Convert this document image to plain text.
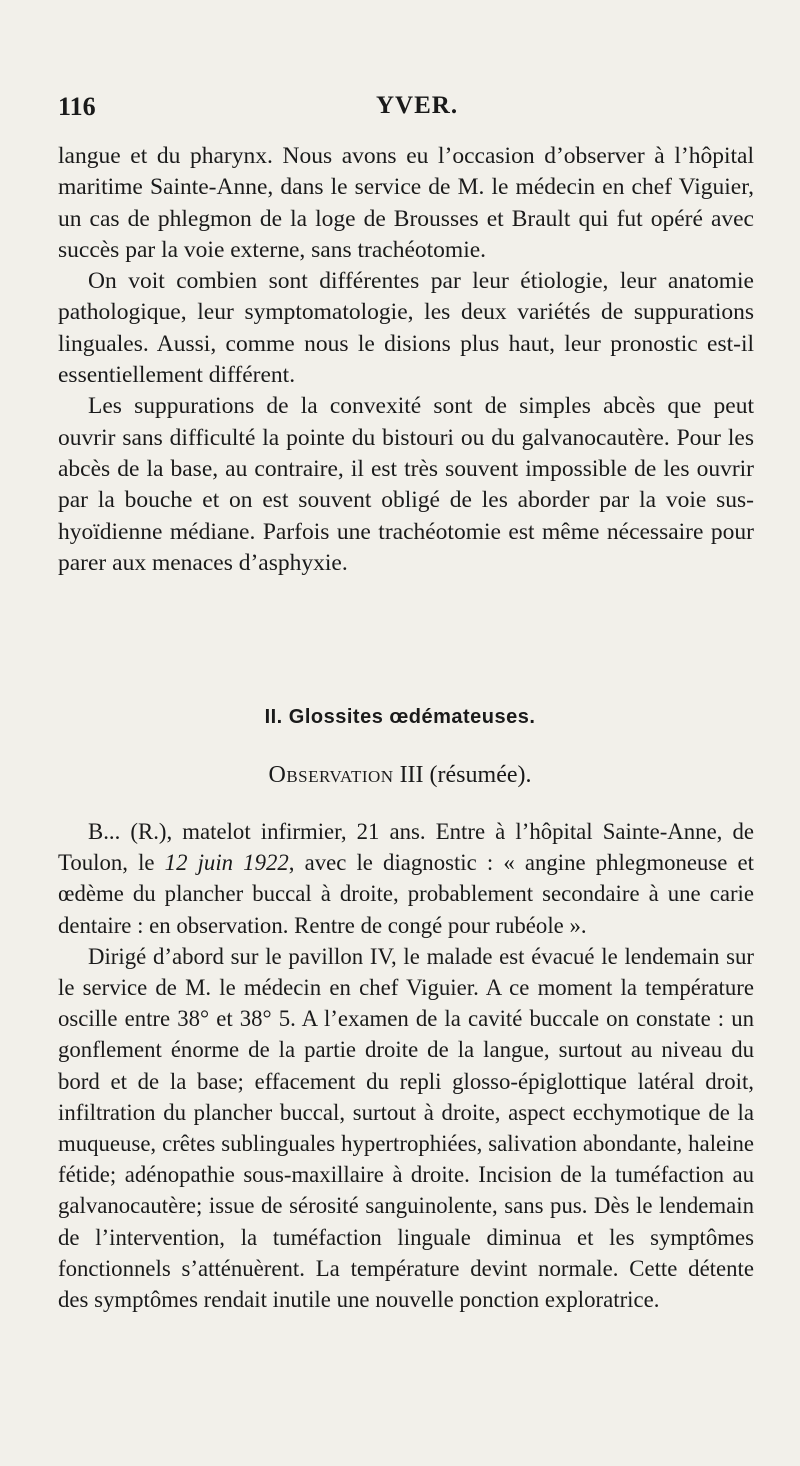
116	YVER.

langue et du pharynx. Nous avons eu l’occasion d’observer à l’hôpital maritime Sainte-Anne, dans le service de M. le médecin en chef Viguier, un cas de phlegmon de la loge de Brousses et Brault qui fut opéré avec succès par la voie externe, sans trachéotomie.

On voit combien sont différentes par leur étiologie, leur anatomie pathologique, leur symptomatologie, les deux variétés de suppurations linguales. Aussi, comme nous le disions plus haut, leur pronostic est-il essentiellement différent.

Les suppurations de la convexité sont de simples abcès que peut ouvrir sans difficulté la pointe du bistouri ou du galvanocautère. Pour les abcès de la base, au contraire, il est très souvent impossible de les ouvrir par la bouche et on est souvent obligé de les aborder par la voie sus-hyoïdienne médiane. Parfois une trachéotomie est même nécessaire pour parer aux menaces d’asphyxie.

II. Glossites œdémateuses.
Observation III (résumée).

B... (R.), matelot infirmier, 21 ans. Entre à l’hôpital Sainte-Anne, de Toulon, le 12 juin 1922, avec le diagnostic : « angine phlegmoneuse et œdème du plancher buccal à droite, probablement secondaire à une carie dentaire : en observation. Rentre de congé pour rubéole ».

Dirigé d’abord sur le pavillon IV, le malade est évacué le lendemain sur le service de M. le médecin en chef Viguier. A ce moment la température oscille entre 38° et 38° 5. A l’examen de la cavité buccale on constate : un gonflement énorme de la partie droite de la langue, surtout au niveau du bord et de la base; effacement du repli glosso-épiglottique latéral droit, infiltration du plancher buccal, surtout à droite, aspect ecchymotique de la muqueuse, crêtes sublinguales hypertrophiées, salivation abondante, haleine fétide; adénopathie sous-maxillaire à droite. Incision de la tuméfaction au galvanocautère; issue de sérosité sanguinolente, sans pus. Dès le lendemain de l’intervention, la tuméfaction linguale diminua et les symptômes fonctionnels s’atténuèrent. La température devint normale. Cette détente des symptômes rendait inutile une nouvelle ponction exploratrice.
